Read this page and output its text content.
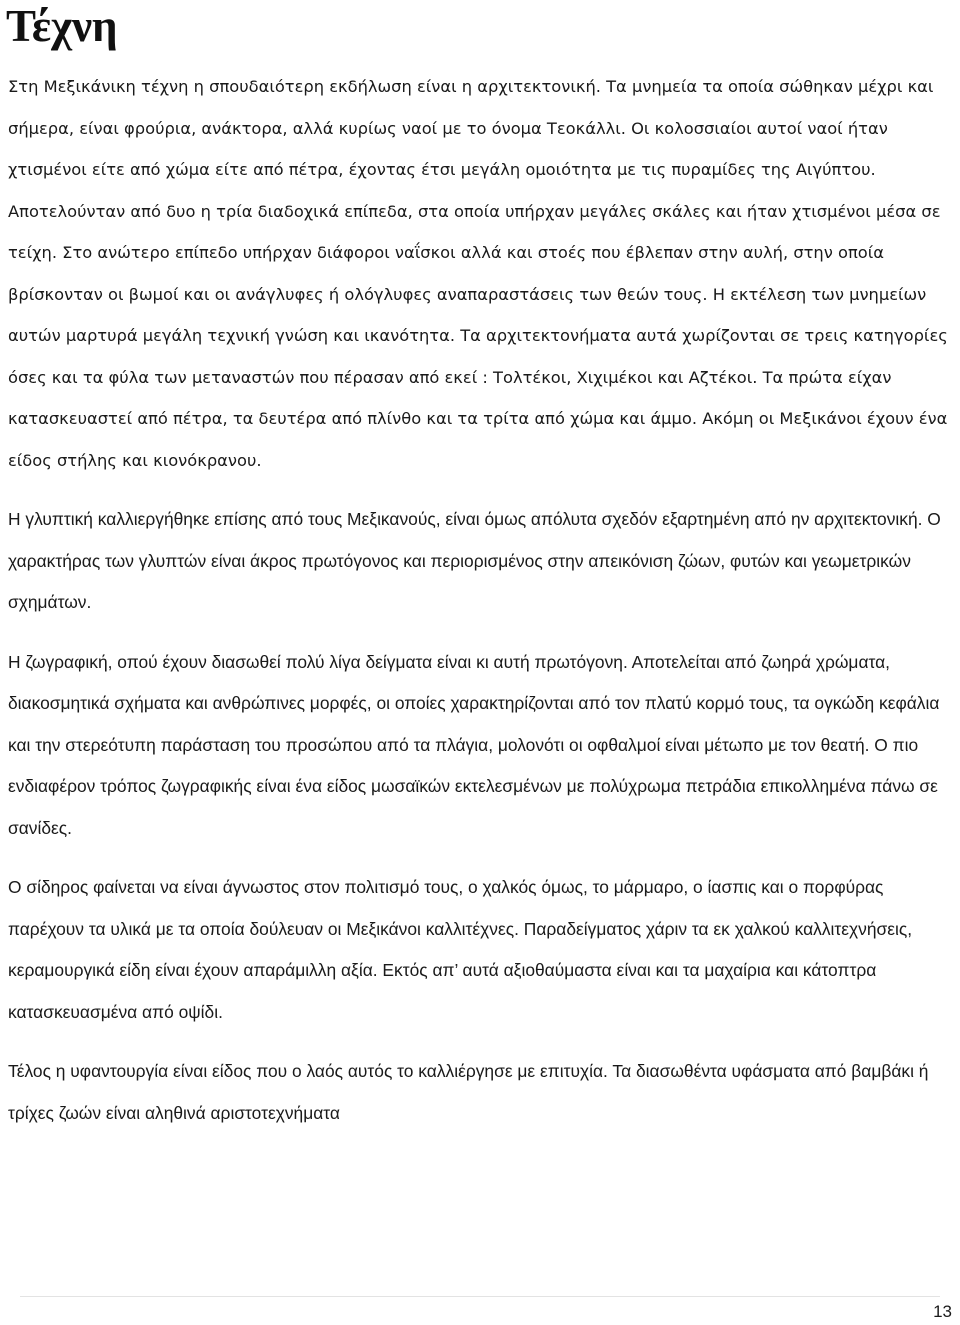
Τέχνη

Στη Μεξικάνικη τέχνη η σπουδαιότερη εκδήλωση είναι η αρχιτεκτονική. Τα μνημεία τα οποία σώθηκαν μέχρι και σήμερα, είναι φρούρια, ανάκτορα, αλλά κυρίως ναοί με το όνομα Τεοκάλλι. Οι κολοσσιαίοι αυτοί ναοί ήταν χτισμένοι είτε από χώμα είτε από πέτρα, έχοντας έτσι μεγάλη ομοιότητα με τις πυραμίδες της Αιγύπτου. Αποτελούνταν από δυο η τρία διαδοχικά επίπεδα, στα οποία υπήρχαν μεγάλες σκάλες και ήταν χτισμένοι μέσα σε τείχη. Στο ανώτερο επίπεδο υπήρχαν διάφοροι ναΐσκοι αλλά και στοές που έβλεπαν στην αυλή, στην οποία βρίσκονταν οι βωμοί και οι ανάγλυφες ή ολόγλυφες αναπαραστάσεις των θεών τους. Η εκτέλεση των μνημείων αυτών μαρτυρά μεγάλη τεχνική γνώση και ικανότητα. Τα αρχιτεκτονήματα αυτά χωρίζονται σε τρεις κατηγορίες όσες και τα φύλα των μεταναστών που πέρασαν από εκεί : Τολτέκοι, Χιχιμέκοι και Αζτέκοι. Τα πρώτα είχαν κατασκευαστεί από πέτρα, τα δευτέρα από πλίνθο και τα τρίτα από χώμα και άμμο. Ακόμη οι Μεξικάνοι έχουν ένα είδος στήλης και κιονόκρανου.

Η γλυπτική καλλιεργήθηκε επίσης από τους Μεξικανούς, είναι όμως απόλυτα σχεδόν εξαρτημένη από ην αρχιτεκτονική. Ο χαρακτήρας των γλυπτών είναι άκρος πρωτόγονος και περιορισμένος στην απεικόνιση ζώων, φυτών και γεωμετρικών σχημάτων.

Η ζωγραφική, οπού έχουν διασωθεί πολύ λίγα δείγματα είναι κι αυτή πρωτόγονη. Αποτελείται από ζωηρά χρώματα, διακοσμητικά σχήματα και ανθρώπινες μορφές, οι οποίες χαρακτηρίζονται από τον πλατύ κορμό τους, τα ογκώδη κεφάλια και την στερεότυπη παράσταση του προσώπου από τα πλάγια, μολονότι οι οφθαλμοί είναι μέτωπο με τον θεατή. Ο πιο ενδιαφέρον τρόπος ζωγραφικής είναι ένα είδος μωσαϊκών εκτελεσμένων με πολύχρωμα πετράδια επικολλημένα πάνω σε σανίδες.

Ο σίδηρος φαίνεται να είναι άγνωστος στον πολιτισμό τους, ο χαλκός όμως, το μάρμαρο, ο ίασπις και ο πορφύρας παρέχουν τα υλικά με τα οποία δούλευαν οι Μεξικάνοι καλλιτέχνες. Παραδείγματος χάριν τα εκ χαλκού καλλιτεχνήσεις, κεραμουργικά είδη είναι έχουν απαράμιλλη αξία. Εκτός απ’ αυτά αξιοθαύμαστα είναι και τα μαχαίρια και κάτοπτρα κατασκευασμένα από οψίδι.

Τέλος η υφαντουργία είναι είδος που ο λαός αυτός το καλλιέργησε με επιτυχία. Τα διασωθέντα υφάσματα από βαμβάκι ή τρίχες ζωών είναι αληθινά αριστοτεχνήματα

13
